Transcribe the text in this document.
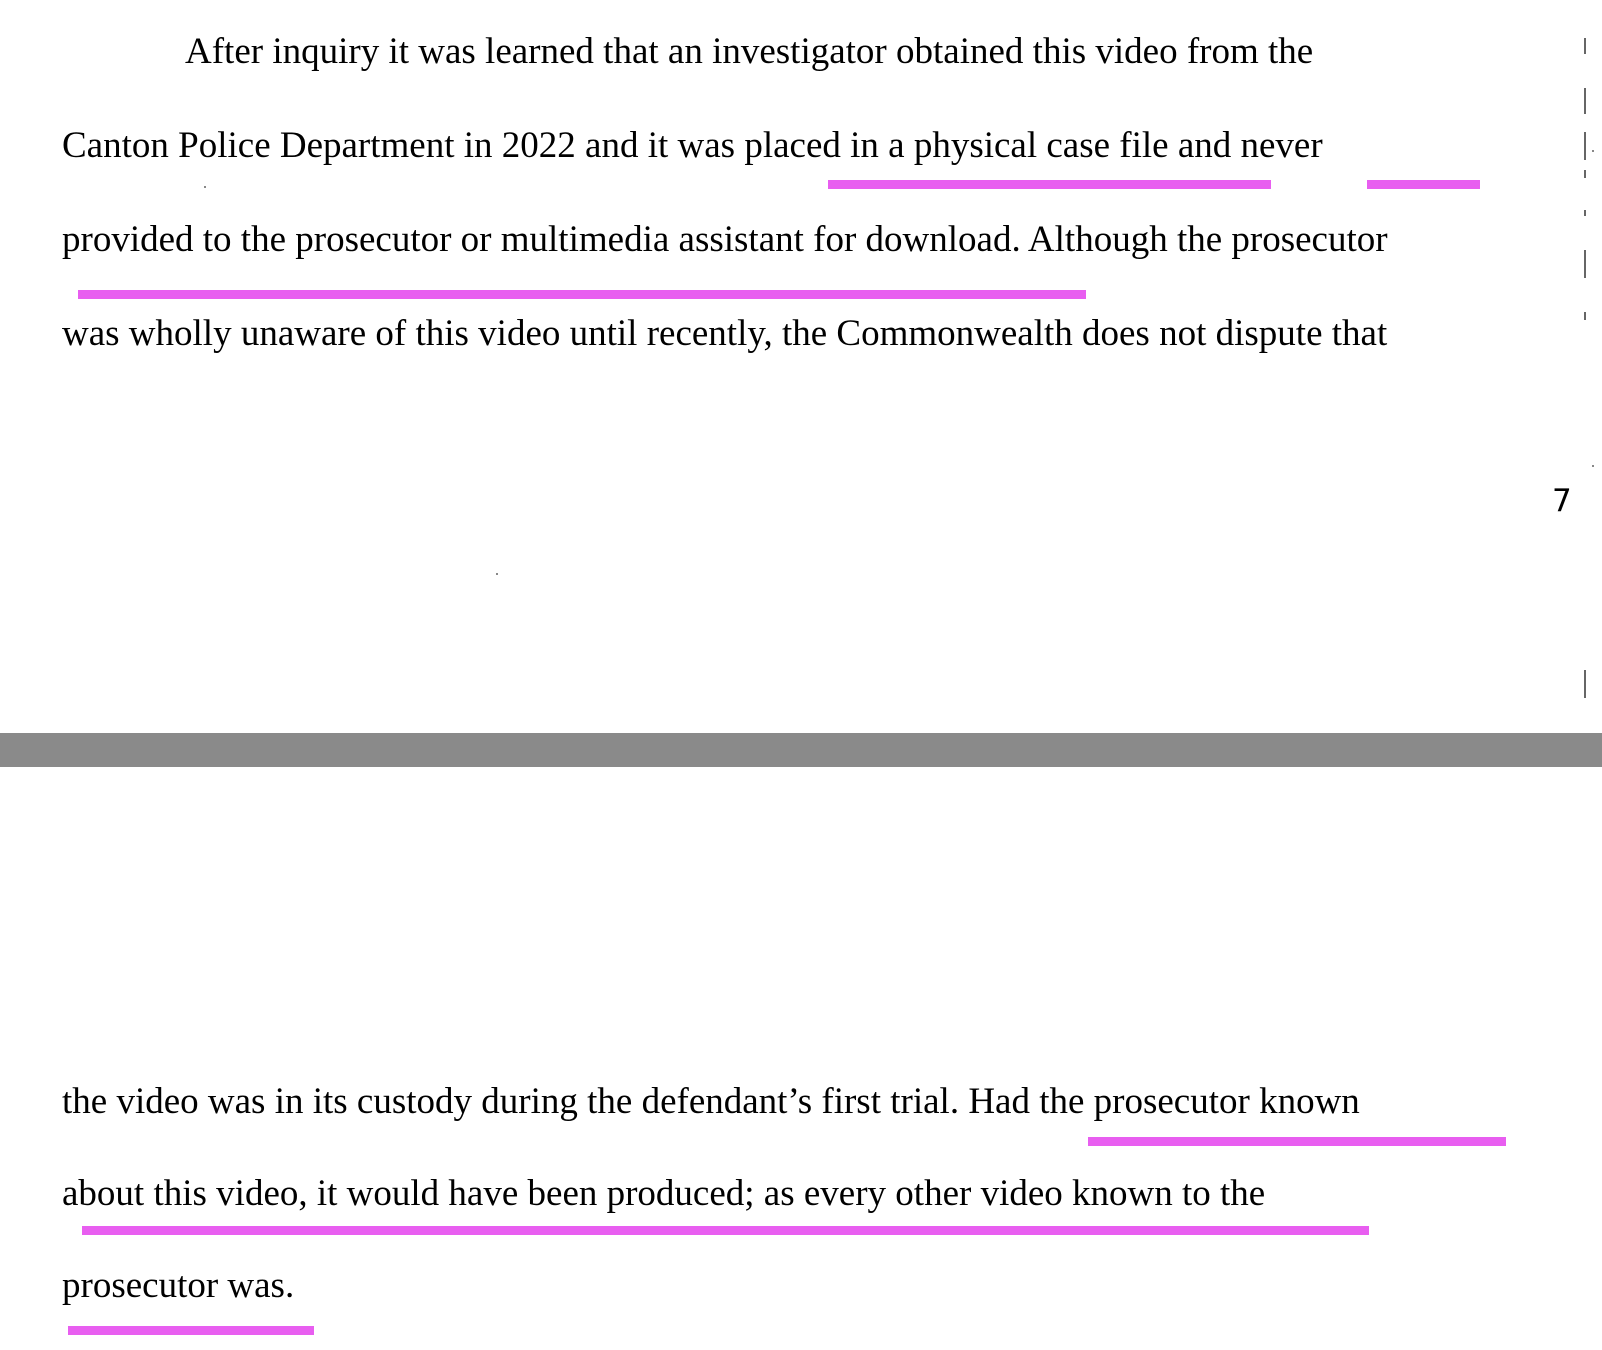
After inquiry it was learned that an investigator obtained this video from the
Canton Police Department in 2022 and it was placed in a physical case file and never
provided to the prosecutor or multimedia assistant for download. Although the prosecutor
was wholly unaware of this video until recently, the Commonwealth does not dispute that
7
the video was in its custody during the defendant’s first trial. Had the prosecutor known
about this video, it would have been produced; as every other video known to the
prosecutor was.
